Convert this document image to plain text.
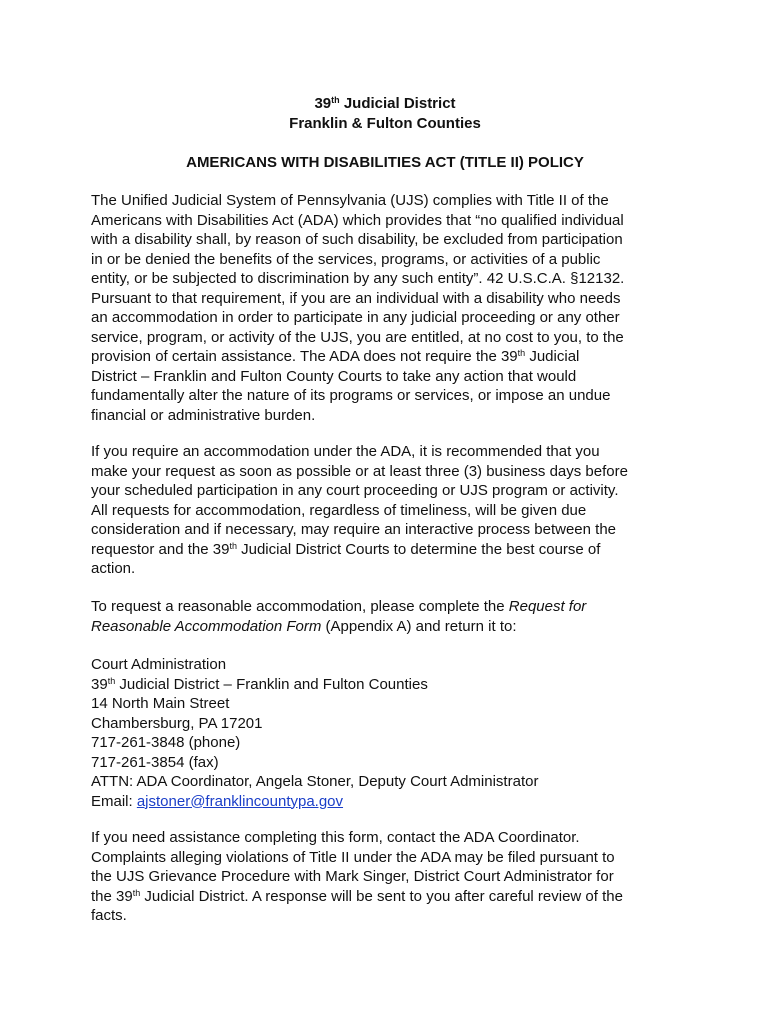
39th Judicial District
Franklin & Fulton Counties
AMERICANS WITH DISABILITIES ACT (TITLE II) POLICY

The Unified Judicial System of Pennsylvania (UJS) complies with Title II of the
Americans with Disabilities Act (ADA) which provides that “no qualified individual
with a disability shall, by reason of such disability, be excluded from participation
in or be denied the benefits of the services, programs, or activities of a public
entity, or be subjected to discrimination by any such entity”. 42 U.S.C.A. §12132.
Pursuant to that requirement, if you are an individual with a disability who needs
an accommodation in order to participate in any judicial proceeding or any other
service, program, or activity of the UJS, you are entitled, at no cost to you, to the
provision of certain assistance. The ADA does not require the 39th Judicial
District – Franklin and Fulton County Courts to take any action that would
fundamentally alter the nature of its programs or services, or impose an undue
financial or administrative burden.

If you require an accommodation under the ADA, it is recommended that you
make your request as soon as possible or at least three (3) business days before
your scheduled participation in any court proceeding or UJS program or activity.
All requests for accommodation, regardless of timeliness, will be given due
consideration and if necessary, may require an interactive process between the
requestor and the 39th Judicial District Courts to determine the best course of
action.

To request a reasonable accommodation, please complete the Request for
Reasonable Accommodation Form (Appendix A) and return it to:

Court Administration
39th Judicial District – Franklin and Fulton Counties
14 North Main Street
Chambersburg, PA 17201
717-261-3848 (phone)
717-261-3854 (fax)
ATTN: ADA Coordinator, Angela Stoner, Deputy Court Administrator
Email: ajstoner@franklincountypa.gov

If you need assistance completing this form, contact the ADA Coordinator.
Complaints alleging violations of Title II under the ADA may be filed pursuant to
the UJS Grievance Procedure with Mark Singer, District Court Administrator for
the 39th Judicial District. A response will be sent to you after careful review of the
facts.
